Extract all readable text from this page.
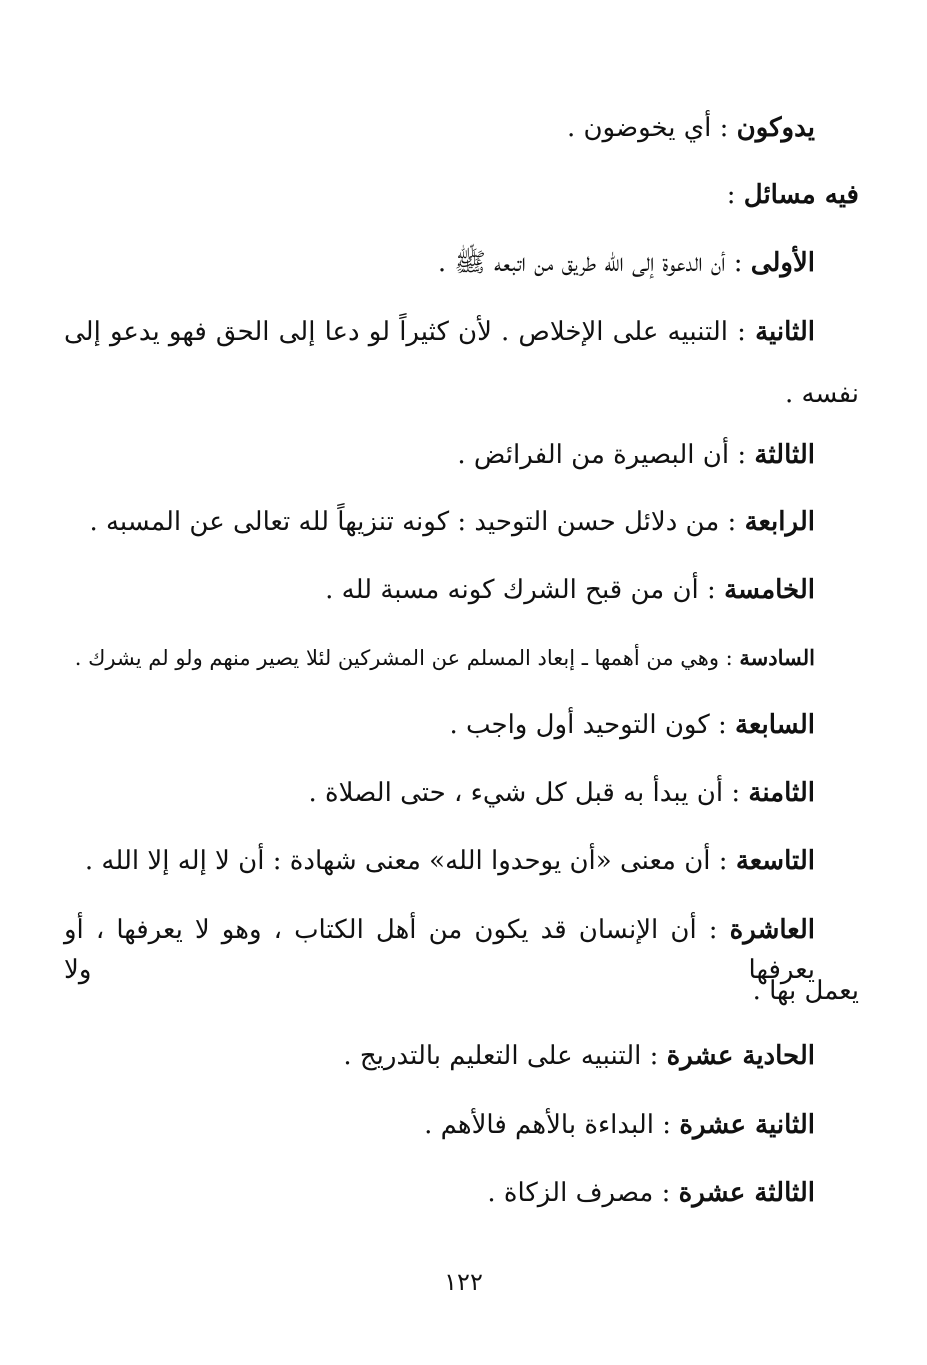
يدوكون : أي يخوضون .
فيه مسائل :
الأولى : أن الدعوة إلى الله طريق من اتبعه ﷺ .
الثانية : التنبيه على الإخلاص . لأن كثيراً لو دعا إلى الحق فهو يدعو إلى
نفسه .
الثالثة : أن البصيرة من الفرائض .
الرابعة : من دلائل حسن التوحيد : كونه تنزيهاً لله تعالى عن المسبه .
الخامسة : أن من قبح الشرك كونه مسبة لله .
السادسة : وهي من أهمها ـ إبعاد المسلم عن المشركين لئلا يصير منهم ولو لم يشرك .
السابعة : كون التوحيد أول واجب .
الثامنة : أن يبدأ به قبل كل شيء ، حتى الصلاة .
التاسعة : أن معنى «أن يوحدوا الله» معنى شهادة : أن لا إله إلا الله .
العاشرة : أن الإنسان قد يكون من أهل الكتاب ، وهو لا يعرفها ، أو يعرفها ولا
يعمل بها .
الحادية عشرة : التنبيه على التعليم بالتدريج .
الثانية عشرة : البداءة بالأهم فالأهم .
الثالثة عشرة : مصرف الزكاة .
١٢٢
